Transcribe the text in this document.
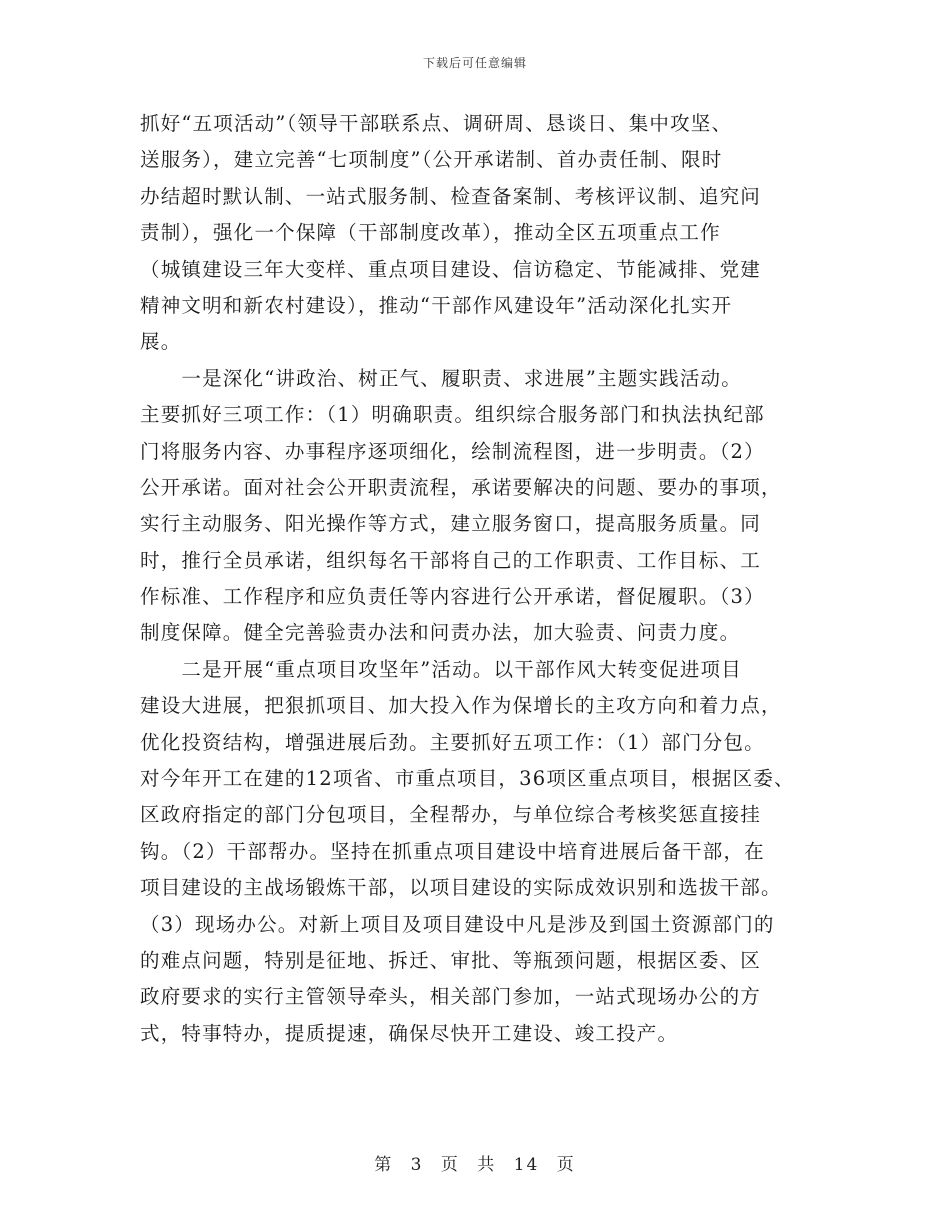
下载后可任意编辑
抓好“五项活动”（领导干部联系点、调研周、恳谈日、集中攻坚、
送服务），建立完善“七项制度”（公开承诺制、首办责任制、限时
办结超时默认制、一站式服务制、检查备案制、考核评议制、追究问
责制），强化一个保障（干部制度改革），推动全区五项重点工作
（城镇建设三年大变样、重点项目建设、信访稳定、节能减排、党建
精神文明和新农村建设），推动“干部作风建设年”活动深化扎实开
展。
　　一是深化“讲政治、树正气、履职责、求进展”主题实践活动。
主要抓好三项工作：（1）明确职责。组织综合服务部门和执法执纪部
门将服务内容、办事程序逐项细化，绘制流程图，进一步明责。（2）
公开承诺。面对社会公开职责流程，承诺要解决的问题、要办的事项，
实行主动服务、阳光操作等方式，建立服务窗口，提高服务质量。同
时，推行全员承诺，组织每名干部将自己的工作职责、工作目标、工
作标准、工作程序和应负责任等内容进行公开承诺，督促履职。（3）
制度保障。健全完善验责办法和问责办法，加大验责、问责力度。
　　二是开展“重点项目攻坚年”活动。以干部作风大转变促进项目
建设大进展，把狠抓项目、加大投入作为保增长的主攻方向和着力点，
优化投资结构，增强进展后劲。主要抓好五项工作：（1）部门分包。
对今年开工在建的12项省、市重点项目，36项区重点项目，根据区委、
区政府指定的部门分包项目，全程帮办，与单位综合考核奖惩直接挂
钩。（2）干部帮办。坚持在抓重点项目建设中培育进展后备干部，在
项目建设的主战场锻炼干部，以项目建设的实际成效识别和选拔干部。
（3）现场办公。对新上项目及项目建设中凡是涉及到国土资源部门的
的难点问题，特别是征地、拆迁、审批、等瓶颈问题，根据区委、区
政府要求的实行主管领导牵头，相关部门参加，一站式现场办公的方
式，特事特办，提质提速，确保尽快开工建设、竣工投产。
第 3 页 共 14 页
